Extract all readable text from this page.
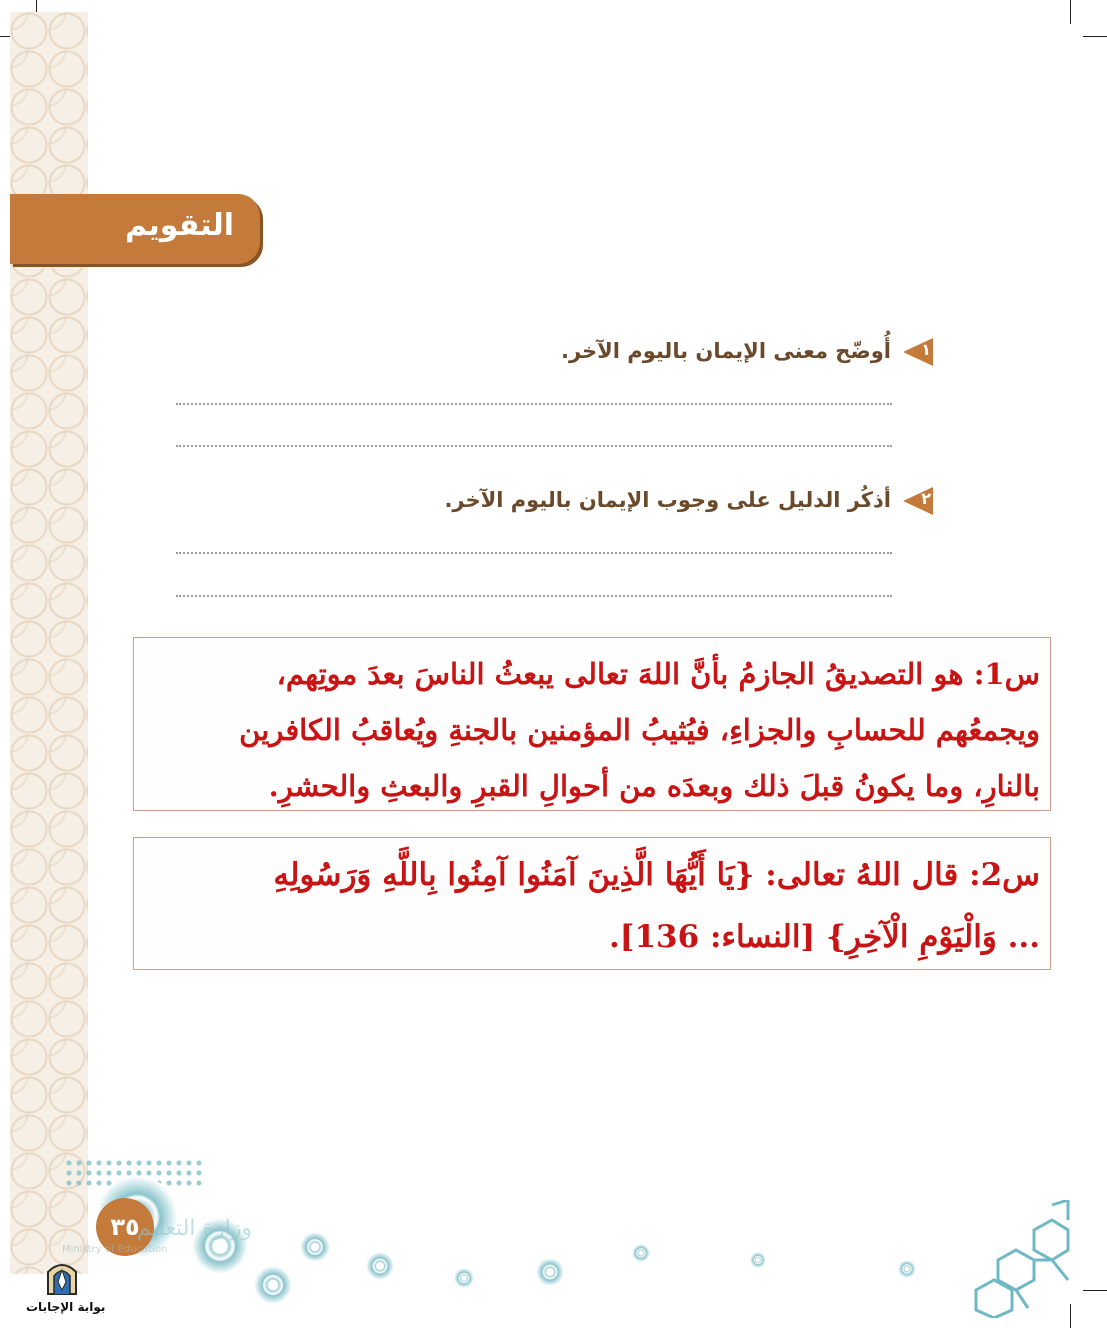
التقويم
١
أُوضّح معنى الإيمان باليوم الآخر.
٢
أذكُر الدليل على وجوب الإيمان باليوم الآخر.

س1: هو التصديقُ الجازمُ بأنَّ اللهَ تعالى يبعثُ الناسَ بعدَ موتِهم،

ويجمعُهم للحسابِ والجزاءِ، فيُثيبُ المؤمنين بالجنةِ ويُعاقبُ الكافرين

بالنارِ، وما يكونُ قبلَ ذلك وبعدَه من أحوالِ القبرِ والبعثِ والحشرِ.

س2: قال اللهُ تعالى: {يَا أَيُّهَا الَّذِينَ آمَنُوا آمِنُوا بِاللَّهِ وَرَسُولِهِ

... وَالْيَوْمِ الْآخِرِ} [النساء: 136].

٣٥
وزارة التعليم
Ministry of Education
بوابة الإجابات
